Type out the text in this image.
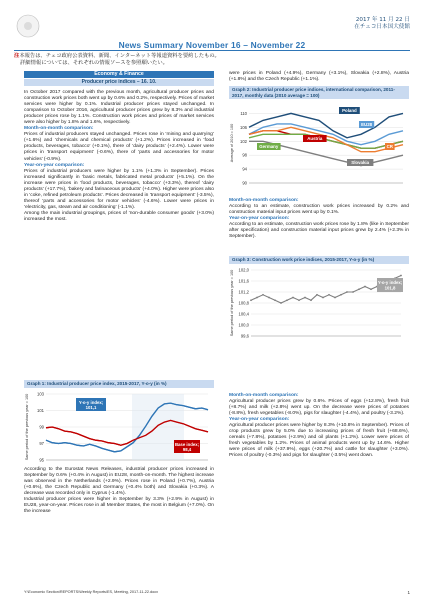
2017 年 11 月 22 日
在チェコ日本国大使館
News Summary November 16 – November 22
注本報告は、チェコ政府公表資料、新聞、インターネット等報道資料を要約したもの。
詳細情報については、それぞれの情報ソースを参照願いたい。
Economy & Finance
Producer price indices – 16. 10.

In October 2017 compared with the previous month, agricultural producer prices and construction work prices both went up by 0.6% and 0.2%, respectively. Prices of market services were higher by 0.1%. Industrial producer prices stayed unchanged. In comparison to October 2016, agricultural producer prices grew by 8.3% and industrial producer prices rose by 1.1%. Construction work prices and prices of market services were also higher by 1.8% and 1.6%, respectively.

Month-on-month comparison:

Prices of industrial producers stayed unchanged. Prices rose in ‘mining and quarrying’ (+1.6%) and ‘chemicals and chemical products’ (+1.2%). Prices increased in ‘food products, beverages, tobacco’ (+0.1%), there of ‘dairy products’ (+2.4%). Lower were prices in ‘transport equipment’ (-0.6%), there of ‘parts and accessories for motor vehicles’ (-0.9%).

Year-on-year comparison:

Prices of industrial producers were higher by 1.1% (+1.3% in September). Prices increased significantly in ‘basic metals, fabricated metal products’ (+5.1%). On the increase were prices in ‘food products, beverages, tobacco’ (+3.3%), thereof ‘dairy products’ (+17.7%), ‘bakery and farinaceous products’ (+4.0%). Higher were prices also in ‘coke, refined petroleum products’. Prices decreased in ‘transport equipment’ (-3.5%), thereof ‘parts and accessories for motor vehicles’ (-4.6%). Lower were prices in ‘electricity, gas, steam and air conditioning’ (-1.1%).

Among the main industrial groupings, prices of ‘non-durable consumer goods’ (+3.0%) increased the most.

Graph 1: Industrial producer price index, 2015-2017, Y-o-y (in %)
95
97
99
101
103
Same period of the previous year = 100	Y-o-y index;
101,1
Base index;
98,4

According to the Eurostat News Releases, industrial producer prices increased in September by 0.6% (+0.4% in August) in EU28, month-on-month. The highest increase was observed in the Netherlands (+2.9%). Prices rose in Poland (+0.7%), Austria (+0.6%), the Czech Republic and Germany (+0.4% both) and Slovakia (+0.3%). A decrease was recorded only in Cyprus (-1.4%).

Industrial producer prices were higher in September by 3.3% (+2.9% in August) in EU28, year-on-year. Prices rose in all Member States, the most in Belgium (+7.0%). On the increase

were prices in Poland (+4.9%), Germany (+3.1%), Slovakia (+2.8%), Austria (+1.8%) and the Czech Republic (+1.1%).

Graph 2: Industrial producer price indices, international comparison, 2011-2017, monthly data (2010 average = 100)
90
94
98
102
106
110
Average of 2010 = 100
Poland
EU28
Austria
Germany	CR
Slovakia

Month-on-month comparison:

According to an estimate, construction work prices increased by 0.2% and construction material input prices went up by 0.1%.

Year-on-year comparison:

According to an estimate, construction work prices rose by 1.8% (like in September after specification) and construction material input prices grew by 2.4% (+2.3% in September).

Graph 3: Construction work price indices, 2015-2017, Y-o-y (in %)
99,6
100,0
100,4
100,8
101,2
101,6
102,0
Same period of the previous year = 100	Y-o-y index;
101,8

Month-on-month comparison:

Agricultural producer prices grew by 0.6%. Prices of eggs (+12.8%), fresh fruit (+8.7%) and milk (+2.8%) went up. On the decrease were prices of potatoes (-8.8%), fresh vegetables (-8.0%), pigs for slaughter (-4.4%), and poultry (-3.2%).

Year-on-year comparison:

Agricultural producer prices were higher by 8.3% (+10.8% in September). Prices of crop products grew by 5.0% due to increasing prices of fresh fruit (+68.6%), cereals (+7.8%), potatoes (+2.9%) and oil plants (+1.2%). Lower were prices of fresh vegetables by 1.2%. Prices of animal products went up by 14.6%. Higher were prices of milk (+37.9%), eggs (+20.7%) and cattle for slaughter (+3.0%). Prices of poultry (-0.3%) and pigs for slaughter (-3.5%) went down.

Y:\Economic Section\REPORTS\Weekly Reports\ES, Meeting, 2017-11-22.docx	1
